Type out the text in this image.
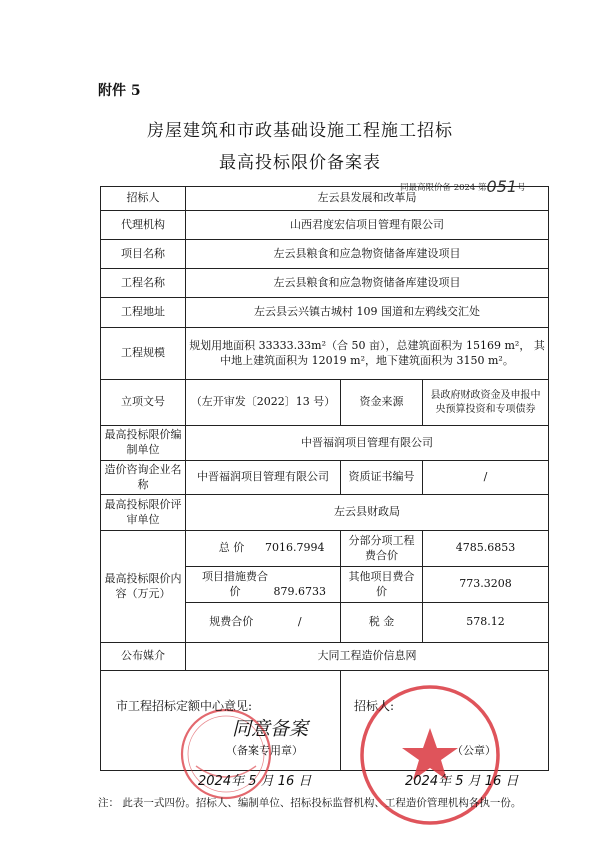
附件 5
房屋建筑和市政基础设施工程施工招标
最高投标限价备案表
同最高限价备 2024 第051号
招标人	左云县发展和改革局		
代理机构	山西君度宏信项目管理有限公司		
项目名称	左云县粮食和应急物资储备库建设项目		
工程名称	左云县粮食和应急物资储备库建设项目		
工程地址	左云县云兴镇古城村 109 国道和左鸦线交汇处		
工程规模	规划用地面积 33333.33m²（合 50 亩），总建筑面积为 15169 m²， 其中地上建筑面积为 12019 m²，地下建筑面积为 3150 m²。		
立项文号	（左开审发〔2022〕13 号）	资金来源	县政府财政资金及申报中央预算投资和专项债券
最高投标限价编制单位	中晋福润项目管理有限公司		
造价咨询企业名称	中晋福润项目管理有限公司	资质证书编号	/
最高投标限价评审单位	左云县财政局		
最高投标限价内容（万元）	总 价 7016.7994	分部分项工程费合价	4785.6853
	项目措施费合 价 879.6733	其他项目费合 价	773.3208
	规费合价 /	税 金	578.12
公布媒介	大同工程造价信息网		

市工程招标定额中心意见:
同意备案
（备案专用章）
2024年 5 月 16 日
招标人:
（公章）
2024年 5 月 16 日
注： 此表一式四份。招标人、编制单位、招标投标监督机构、工程造价管理机构各执一份。
